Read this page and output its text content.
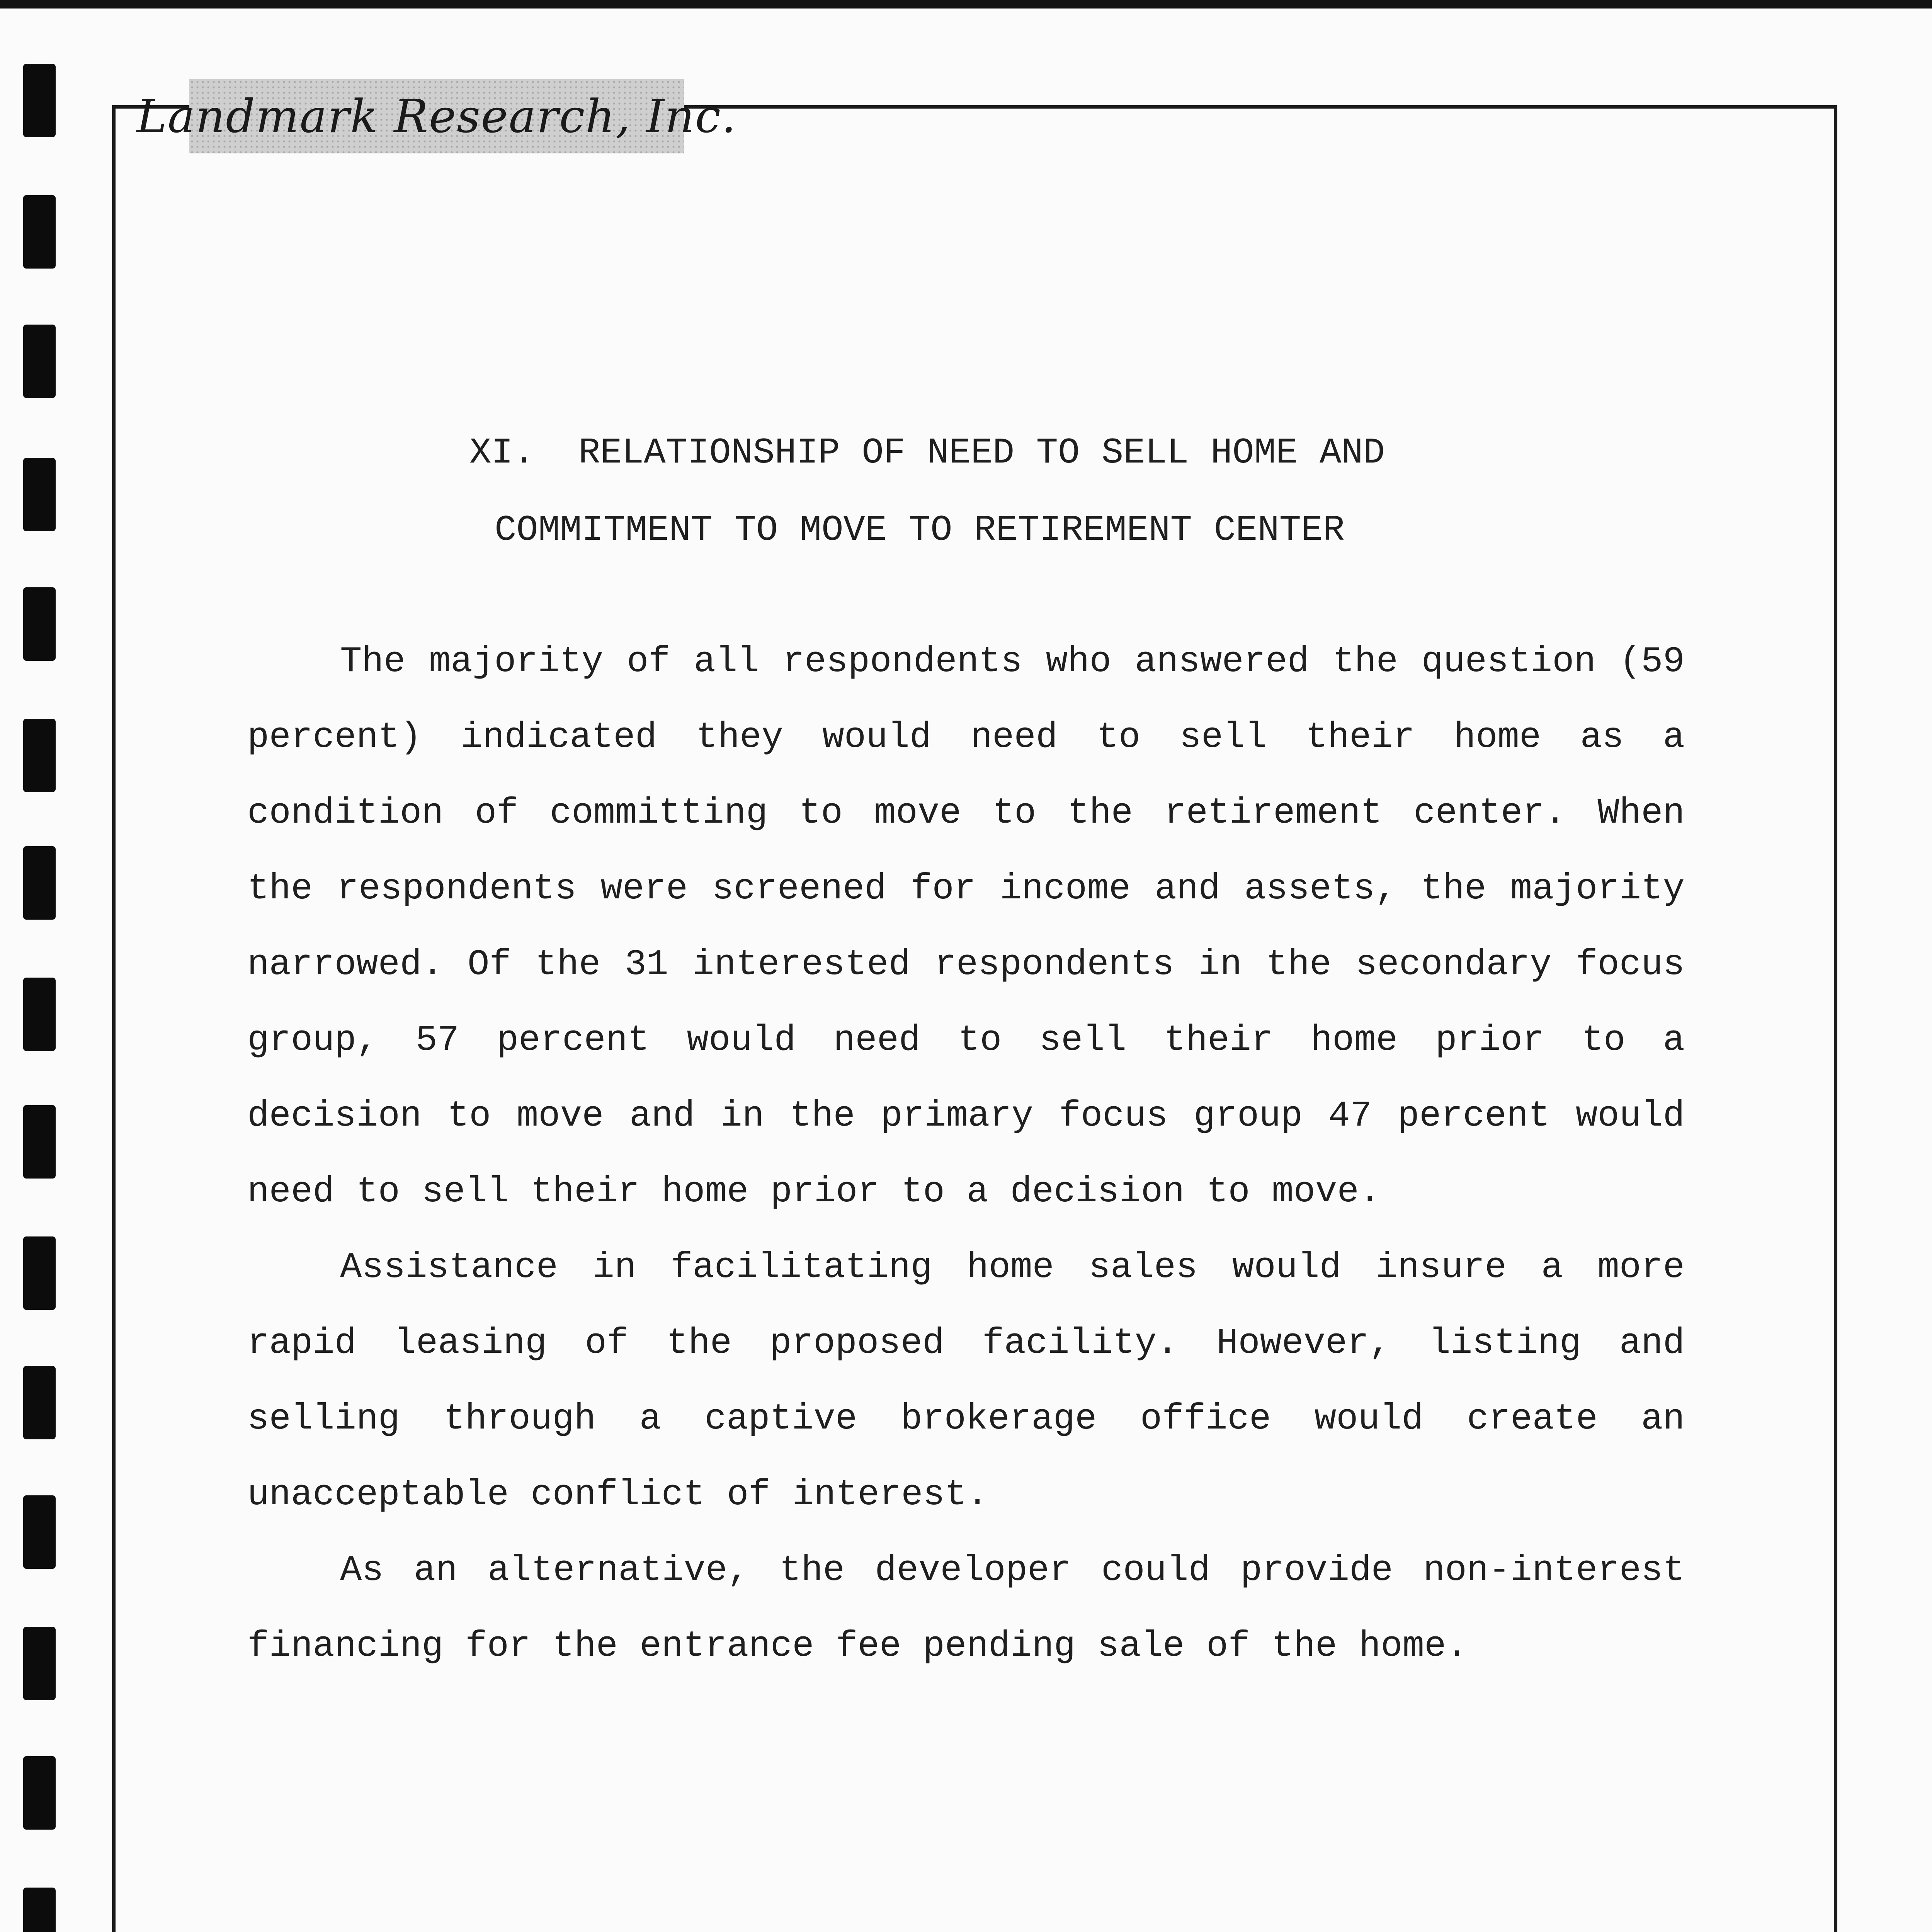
Landmark Research, Inc.
XI.  RELATIONSHIP OF NEED TO SELL HOME AND
COMMITMENT TO MOVE TO RETIREMENT CENTER

The majority of all respondents who answered the question (59 percent) indicated they would need to sell their home as a condition of committing to move to the retirement center. When the respondents were screened for income and assets, the majority narrowed. Of the 31 interested respondents in the secondary focus group, 57 percent would need to sell their home prior to a decision to move and in the primary focus group 47 percent would need to sell their home prior to a decision to move.

Assistance in facilitating home sales would insure a more rapid leasing of the proposed facility. However, listing and selling through a captive brokerage office would create an unacceptable conflict of interest.

As an alternative, the developer could provide non-interest financing for the entrance fee pending sale of the home.
